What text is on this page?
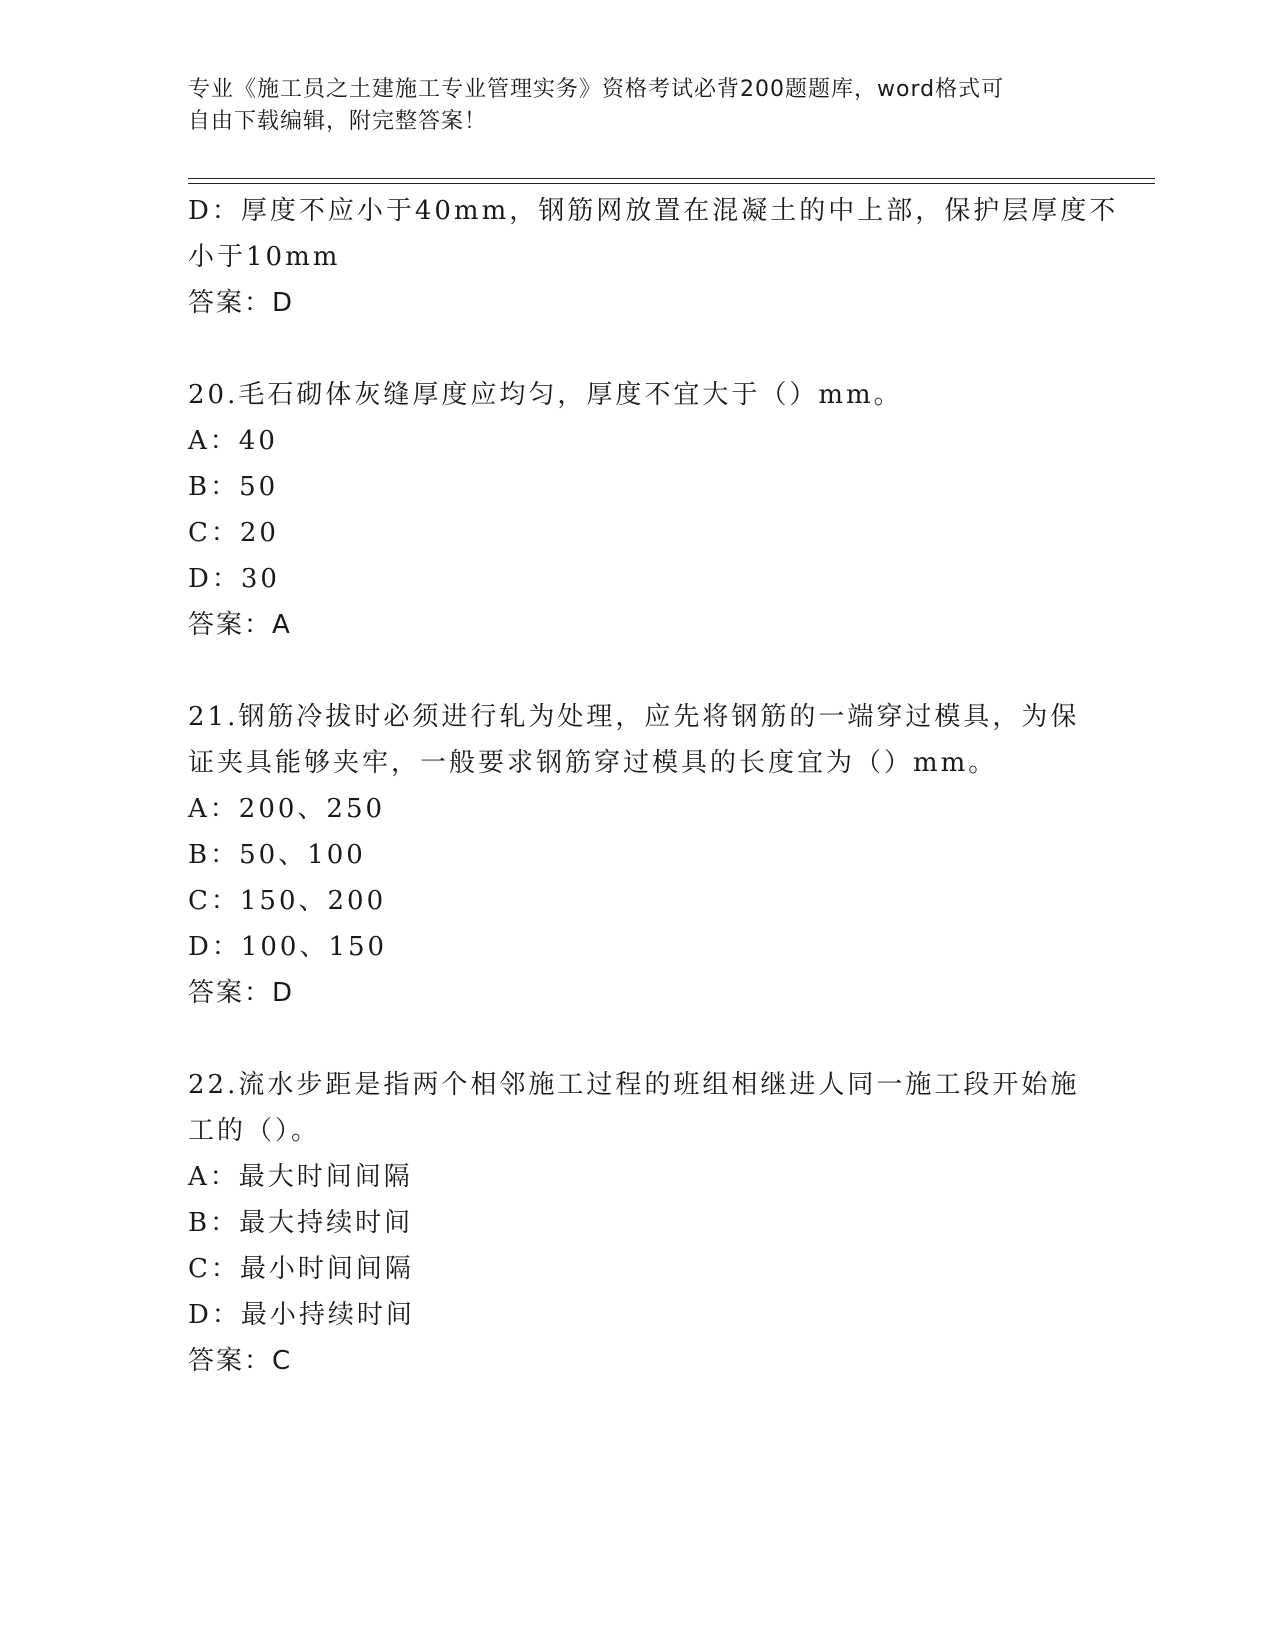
专业《施工员之土建施工专业管理实务》资格考试必背200题题库，word格式可
自由下载编辑，附完整答案！
D：厚度不应小于40mm，钢筋网放置在混凝土的中上部，保护层厚度不
小于10mm
答案：D
20.毛石砌体灰缝厚度应均匀，厚度不宜大于（）mm。
A：40
B：50
C：20
D：30
答案：A
21.钢筋冷拔时必须进行轧为处理，应先将钢筋的一端穿过模具，为保
证夹具能够夹牢，一般要求钢筋穿过模具的长度宜为（）mm。
A：200、250
B：50、100
C：150、200
D：100、150
答案：D
22.流水步距是指两个相邻施工过程的班组相继进人同一施工段开始施
工的（）。
A：最大时间间隔
B：最大持续时间
C：最小时间间隔
D：最小持续时间
答案：C
